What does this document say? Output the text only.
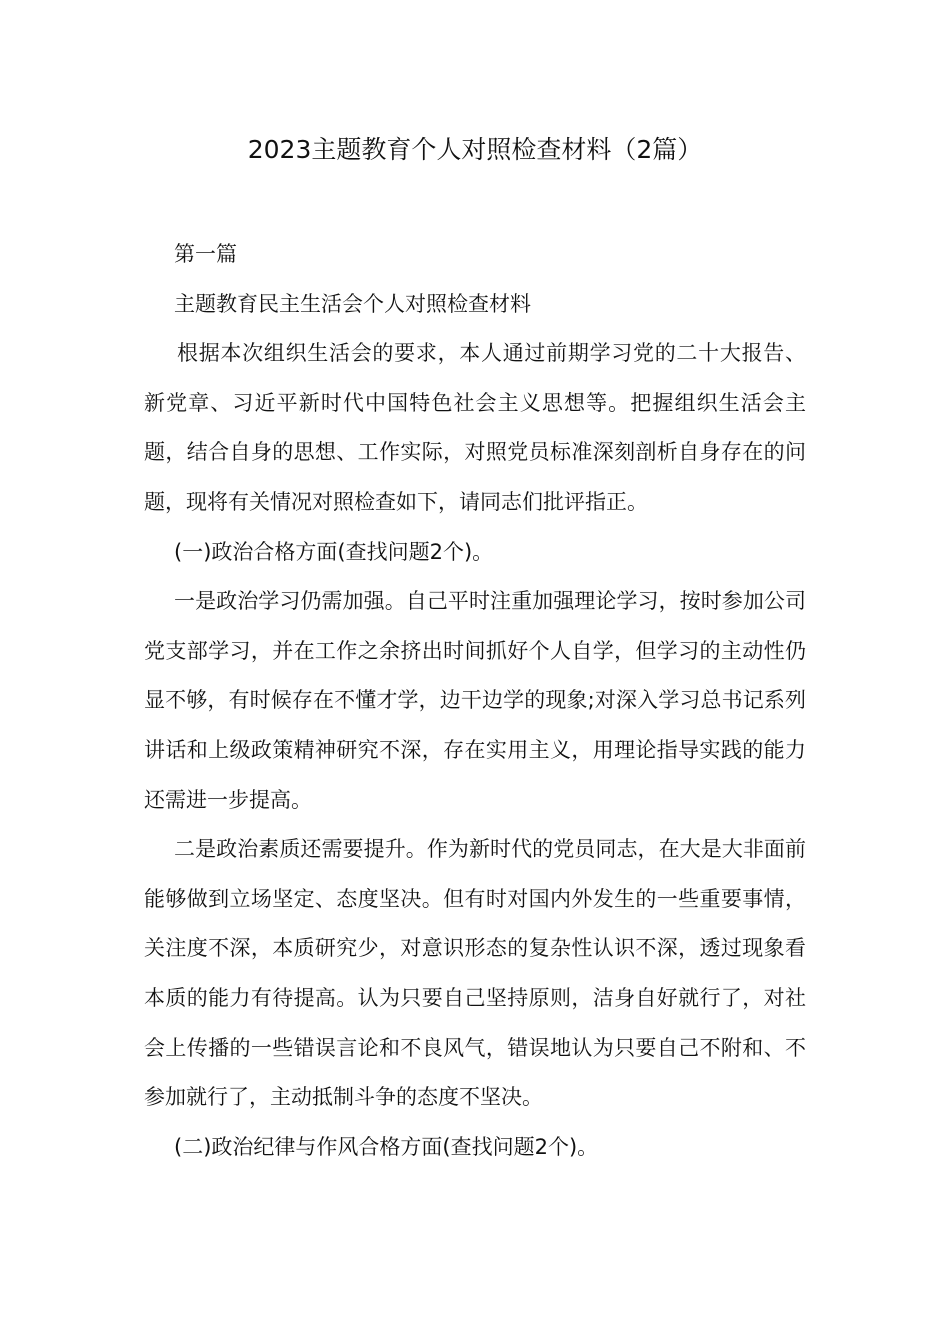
2023主题教育个人对照检查材料（2篇）

第一篇

主题教育民主生活会个人对照检查材料

根据本次组织生活会的要求，本人通过前期学习党的二十大报告、新党章、习近平新时代中国特色社会主义思想等。把握组织生活会主题，结合自身的思想、工作实际，对照党员标准深刻剖析自身存在的问题，现将有关情况对照检查如下，请同志们批评指正。

(一)政治合格方面(查找问题2个)。

一是政治学习仍需加强。自己平时注重加强理论学习，按时参加公司党支部学习，并在工作之余挤出时间抓好个人自学，但学习的主动性仍显不够，有时候存在不懂才学，边干边学的现象;对深入学习总书记系列讲话和上级政策精神研究不深，存在实用主义，用理论指导实践的能力还需进一步提高。

二是政治素质还需要提升。作为新时代的党员同志，在大是大非面前能够做到立场坚定、态度坚决。但有时对国内外发生的一些重要事情，关注度不深，本质研究少，对意识形态的复杂性认识不深，透过现象看本质的能力有待提高。认为只要自己坚持原则，洁身自好就行了，对社会上传播的一些错误言论和不良风气，错误地认为只要自己不附和、不参加就行了，主动抵制斗争的态度不坚决。

(二)政治纪律与作风合格方面(查找问题2个)。
